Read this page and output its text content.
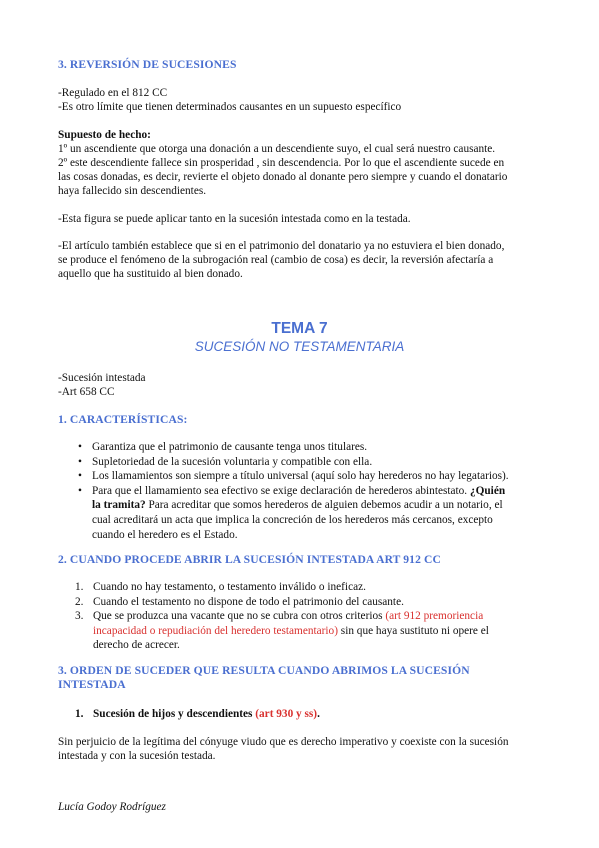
3. REVERSIÓN DE SUCESIONES
-Regulado en el 812 CC
-Es otro límite que tienen determinados causantes en un supuesto específico
Supuesto de hecho:
1º un ascendiente que otorga una donación a un descendiente suyo, el cual será nuestro causante.
2º este descendiente fallece sin prosperidad , sin descendencia. Por lo que el ascendiente sucede en
las cosas donadas, es decir, revierte el objeto donado al donante pero siempre y cuando el donatario
haya fallecido sin descendientes.
-Esta figura se puede aplicar tanto en la sucesión intestada como en la testada.
-El artículo también establece que si en el patrimonio del donatario ya no estuviera el bien donado,
se produce el fenómeno de la subrogación real (cambio de cosa) es decir, la reversión afectaría a
aquello que ha sustituido al bien donado.
TEMA 7
SUCESIÓN NO TESTAMENTARIA
-Sucesión intestada
-Art 658 CC
1. CARACTERÍSTICAS:
• Garantiza que el patrimonio de causante tenga unos titulares.
• Supletoriedad de la sucesión voluntaria y compatible con ella.
• Los llamamientos son siempre a título universal (aquí solo hay herederos no hay legatarios).
• Para que el llamamiento sea efectivo se exige declaración de herederos abintestato. ¿Quién
la tramita? Para acreditar que somos herederos de alguien debemos acudir a un notario, el
cual acreditará un acta que implica la concreción de los herederos más cercanos, excepto
cuando el heredero es el Estado.
2. CUANDO PROCEDE ABRIR LA SUCESIÓN INTESTADA ART 912 CC
1. Cuando no hay testamento, o testamento inválido o ineficaz.
2. Cuando el testamento no dispone de todo el patrimonio del causante.
3. Que se produzca una vacante que no se cubra con otros criterios (art 912 premoriencia
incapacidad o repudiación del heredero testamentario) sin que haya sustituto ni opere el
derecho de acrecer.
3. ORDEN DE SUCEDER QUE RESULTA CUANDO ABRIMOS LA SUCESIÓN
INTESTADA
1. Sucesión de hijos y descendientes (art 930 y ss).
Sin perjuicio de la legítima del cónyuge viudo que es derecho imperativo y coexiste con la sucesión
intestada y con la sucesión testada.
Lucía Godoy Rodríguez
